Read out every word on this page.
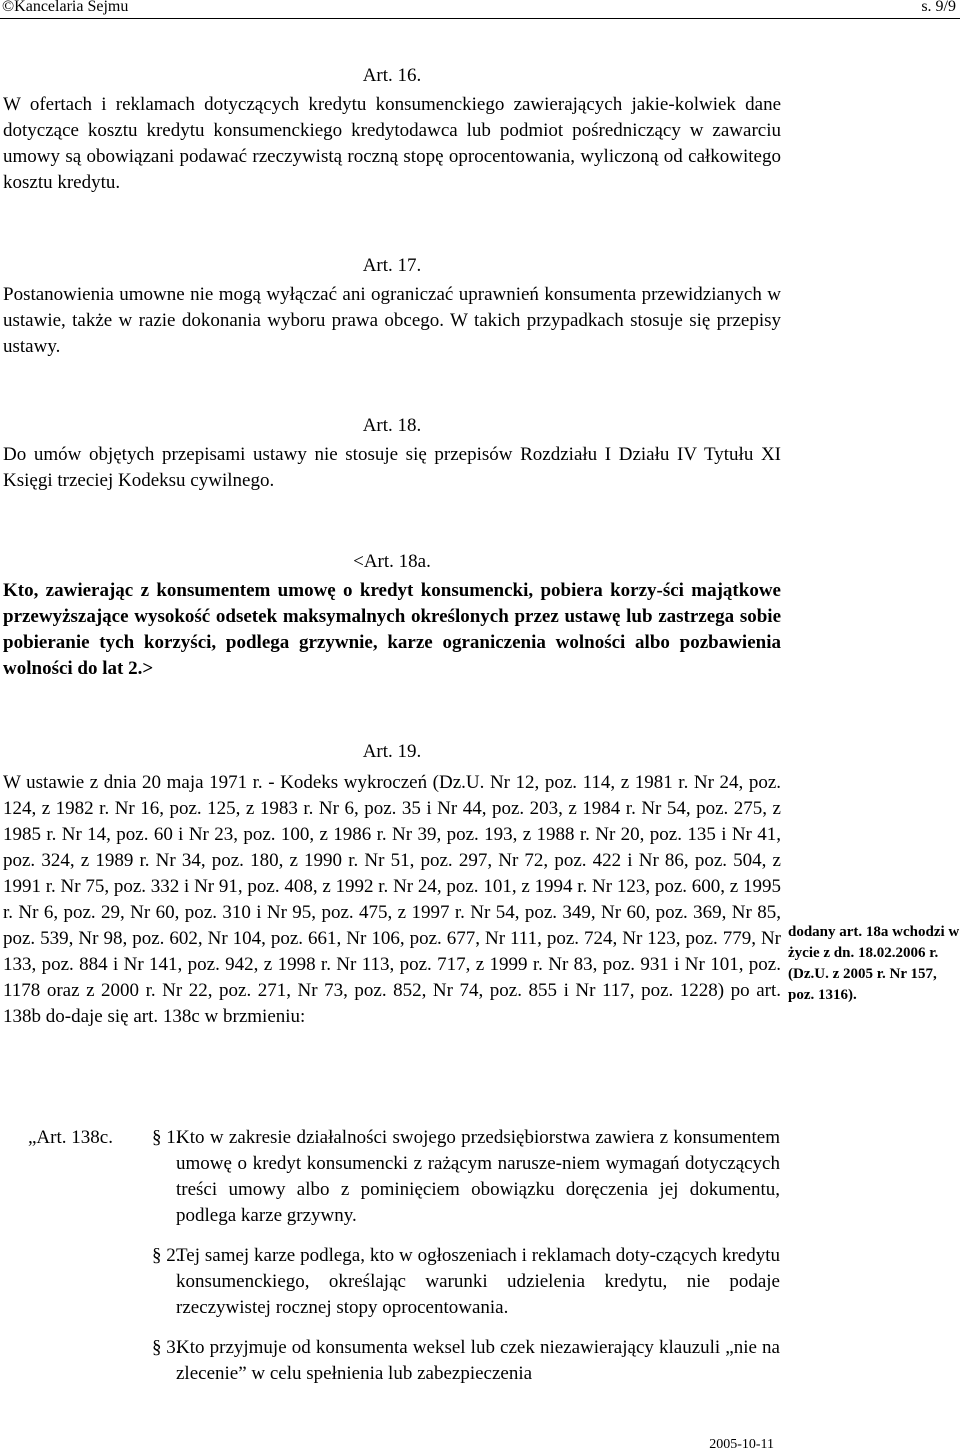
©Kancelaria Sejmu	s. 9/9

Art. 16.

W ofertach i reklamach dotyczących kredytu konsumenckiego zawierających jakie-kolwiek dane dotyczące kosztu kredytu konsumenckiego kredytodawca lub podmiot pośredniczący w zawarciu umowy są obowiązani podawać rzeczywistą roczną stopę oprocentowania, wyliczoną od całkowitego kosztu kredytu.

Art. 17.

Postanowienia umowne nie mogą wyłączać ani ograniczać uprawnień konsumenta przewidzianych w ustawie, także w razie dokonania wyboru prawa obcego. W takich przypadkach stosuje się przepisy ustawy.

Art. 18.

Do umów objętych przepisami ustawy nie stosuje się przepisów Rozdziału I Działu IV Tytułu XI Księgi trzeciej Kodeksu cywilnego.

<Art. 18a.

Kto, zawierając z konsumentem umowę o kredyt konsumencki, pobiera korzy-ści majątkowe przewyższające wysokość odsetek maksymalnych określonych przez ustawę lub zastrzega sobie pobieranie tych korzyści, podlega grzywnie, karze ograniczenia wolności albo pozbawienia wolności do lat 2.>

Art. 19.

W ustawie z dnia 20 maja 1971 r. - Kodeks wykroczeń (Dz.U. Nr 12, poz. 114, z 1981 r. Nr 24, poz. 124, z 1982 r. Nr 16, poz. 125, z 1983 r. Nr 6, poz. 35 i Nr 44, poz. 203, z 1984 r. Nr 54, poz. 275, z 1985 r. Nr 14, poz. 60 i Nr 23, poz. 100, z 1986 r. Nr 39, poz. 193, z 1988 r. Nr 20, poz. 135 i Nr 41, poz. 324, z 1989 r. Nr 34, poz. 180, z 1990 r. Nr 51, poz. 297, Nr 72, poz. 422 i Nr 86, poz. 504, z 1991 r. Nr 75, poz. 332 i Nr 91, poz. 408, z 1992 r. Nr 24, poz. 101, z 1994 r. Nr 123, poz. 600, z 1995 r. Nr 6, poz. 29, Nr 60, poz. 310 i Nr 95, poz. 475, z 1997 r. Nr 54, poz. 349, Nr 60, poz. 369, Nr 85, poz. 539, Nr 98, poz. 602, Nr 104, poz. 661, Nr 106, poz. 677, Nr 111, poz. 724, Nr 123, poz. 779, Nr 133, poz. 884 i Nr 141, poz. 942, z 1998 r. Nr 113, poz. 717, z 1999 r. Nr 83, poz. 931 i Nr 101, poz. 1178 oraz z 2000 r. Nr 22, poz. 271, Nr 73, poz. 852, Nr 74, poz. 855 i Nr 117, poz. 1228) po art. 138b do-daje się art. 138c w brzmieniu:

dodany art. 18a wchodzi w życie z dn. 18.02.2006 r. (Dz.U. z 2005 r. Nr 157, poz. 1316).
„Art. 138c. § 1.
Kto w zakresie działalności swojego przedsiębiorstwa zawiera z konsumentem umowę o kredyt konsumencki z rażącym narusze-niem wymagań dotyczących treści umowy albo z pominięciem obowiązku doręczenia jej dokumentu, podlega karze grzywny.
§ 2.
Tej samej karze podlega, kto w ogłoszeniach i reklamach doty-czących kredytu konsumenckiego, określając warunki udzielenia kredytu, nie podaje rzeczywistej rocznej stopy oprocentowania.
§ 3.
Kto przyjmuje od konsumenta weksel lub czek niezawierający klauzuli „nie na zlecenie” w celu spełnienia lub zabezpieczenia
2005-10-11
